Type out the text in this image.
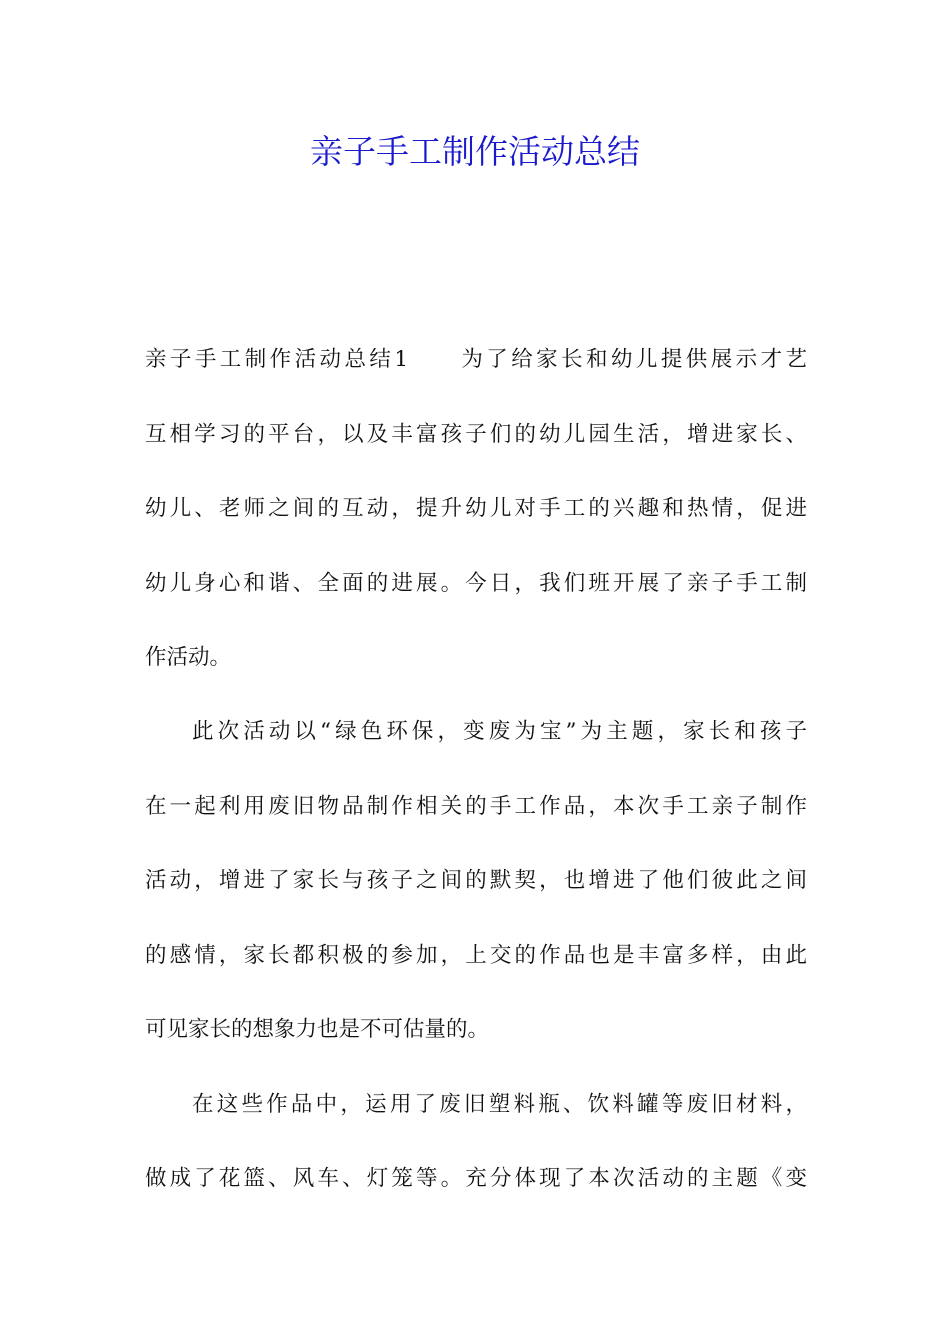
亲子手工制作活动总结
亲子手工制作活动总结1　　为了给家长和幼儿提供展示才艺
互相学习的平台，以及丰富孩子们的幼儿园生活，增进家长、
幼儿、老师之间的互动，提升幼儿对手工的兴趣和热情，促进
幼儿身心和谐、全面的进展。今日，我们班开展了亲子手工制
作活动。
此次活动以“绿色环保，变废为宝”为主题，家长和孩子
在一起利用废旧物品制作相关的手工作品，本次手工亲子制作
活动，增进了家长与孩子之间的默契，也增进了他们彼此之间
的感情，家长都积极的参加，上交的作品也是丰富多样，由此
可见家长的想象力也是不可估量的。
在这些作品中，运用了废旧塑料瓶、饮料罐等废旧材料，
做成了花篮、风车、灯笼等。充分体现了本次活动的主题《变
